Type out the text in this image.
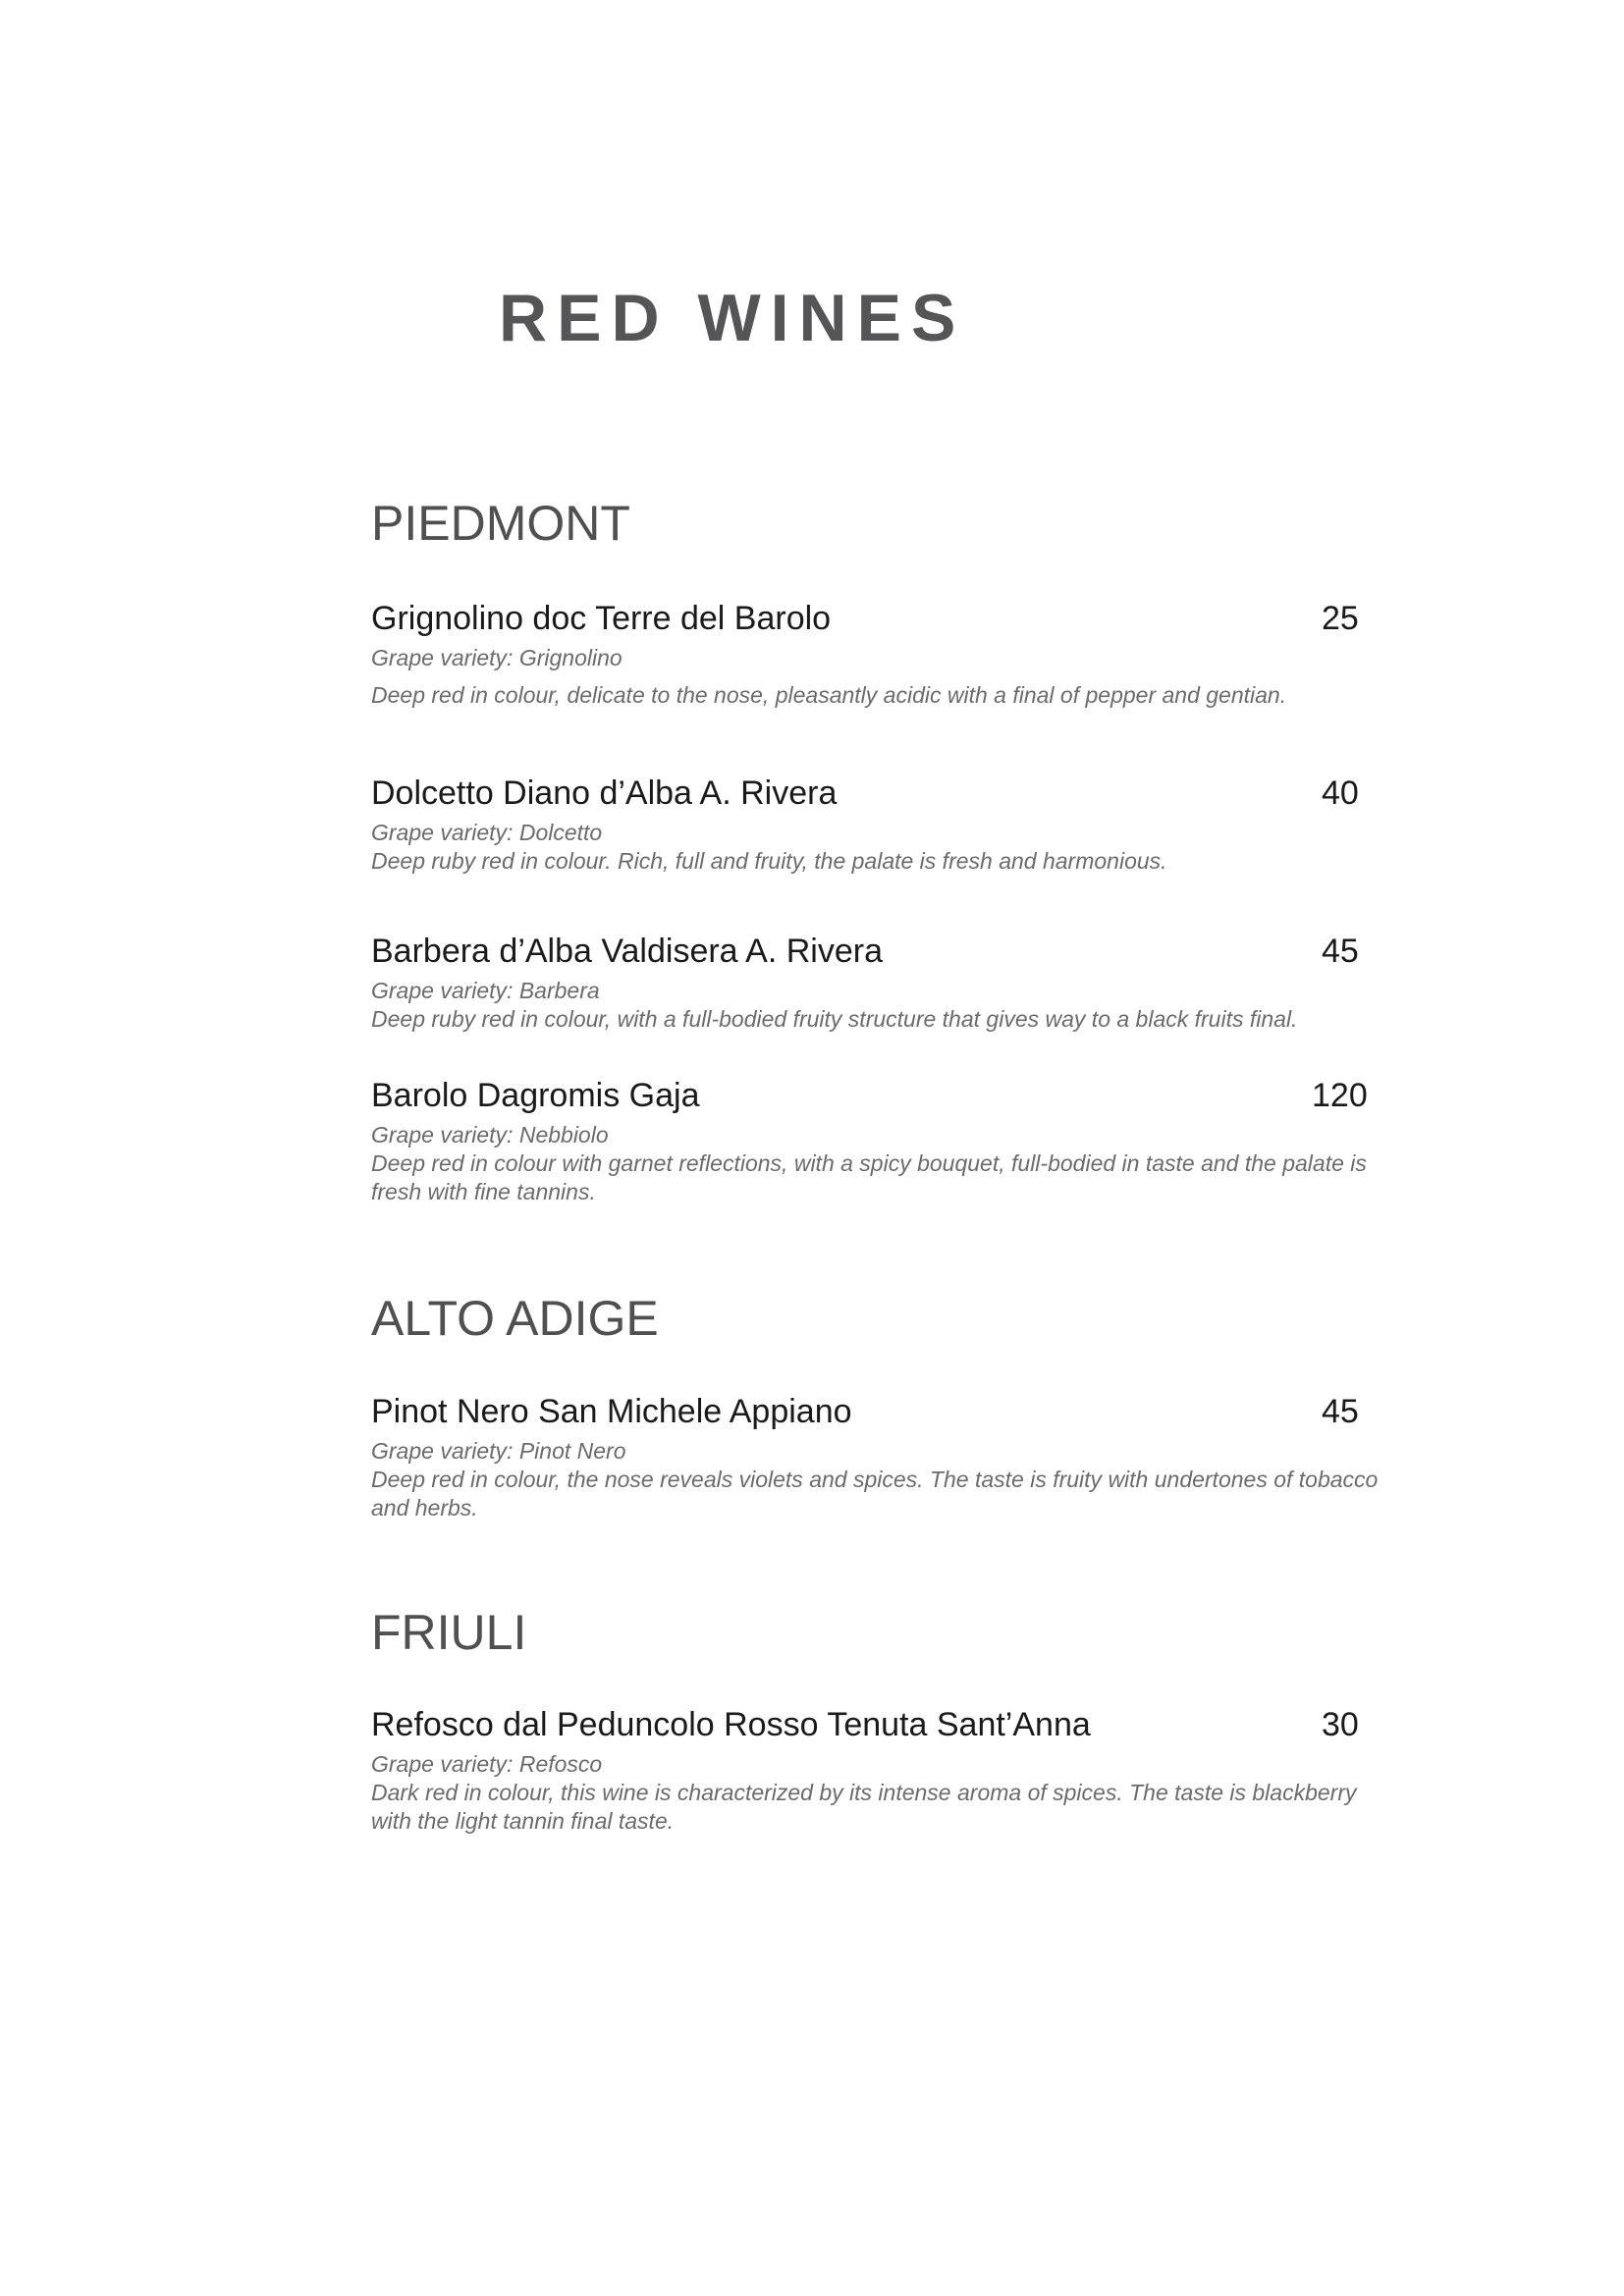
RED WINES
PIEDMONT
Grignolino doc Terre del Barolo	25
Grape variety: Grignolino
Deep red in colour, delicate to the nose, pleasantly acidic with a final of pepper and gentian.
Dolcetto Diano d’Alba A. Rivera	40
Grape variety: Dolcetto
Deep ruby red in colour. Rich, full and fruity, the palate is fresh and harmonious.
Barbera d’Alba Valdisera A. Rivera	45
Grape variety: Barbera
Deep ruby red in colour, with a full-bodied fruity structure that gives way to a black fruits final.
Barolo Dagromis Gaja	120
Grape variety: Nebbiolo
Deep red in colour with garnet reflections, with a spicy bouquet, full-bodied in taste and the palate is fresh with fine tannins.
ALTO ADIGE
Pinot Nero San Michele Appiano	45
Grape variety: Pinot Nero
Deep red in colour, the nose reveals violets and spices. The taste is fruity with undertones of tobacco and herbs.
FRIULI
Refosco dal Peduncolo Rosso Tenuta Sant’Anna	30
Grape variety: Refosco
Dark red in colour, this wine is characterized by its intense aroma of spices. The taste is blackberry with the light tannin final taste.
